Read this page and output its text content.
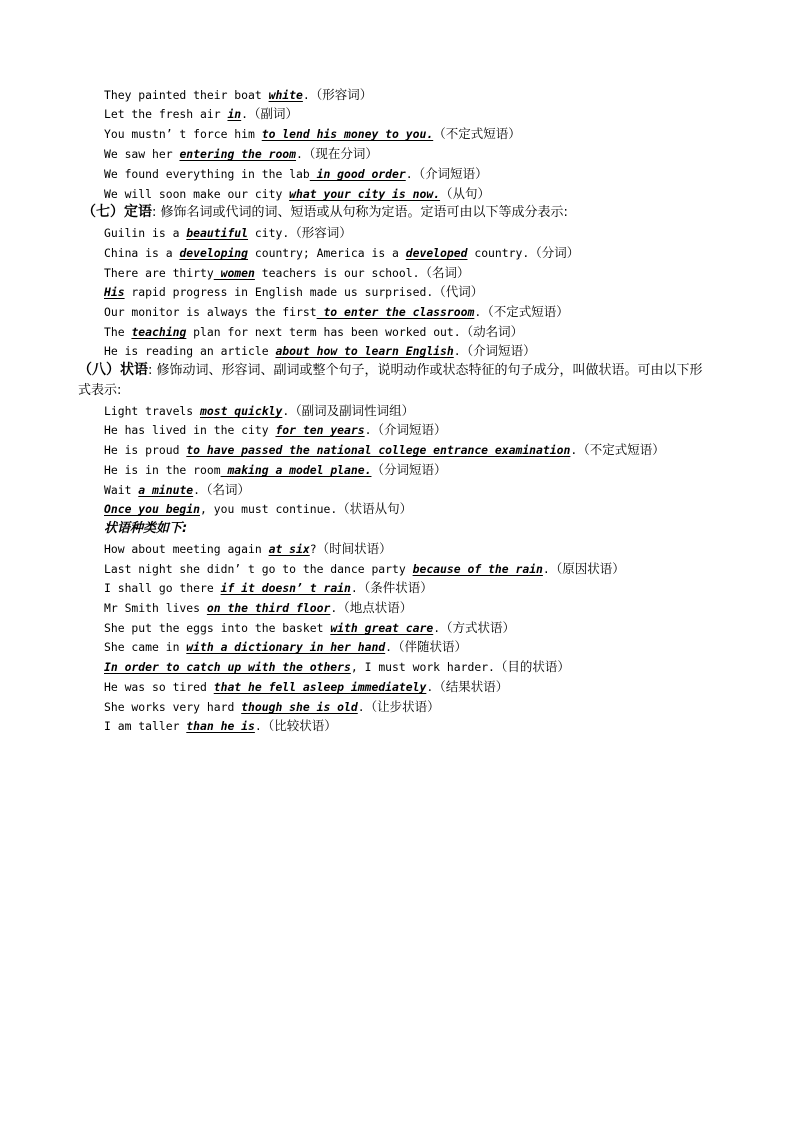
They painted their boat white.（形容词）
Let the fresh air in.（副词）
You mustn’ t force him to lend his money to you.（不定式短语）
We saw her entering the room.（现在分词）
We found everything in the lab in good order.（介词短语）
We will soon make our city what your city is now.（从句）
（七）定语: 修饰名词或代词的词、短语或从句称为定语。定语可由以下等成分表示:
Guilin is a beautiful city.（形容词）
China is a developing country; America is a developed country.（分词）
There are thirty women teachers is our school.（名词）
His rapid progress in English made us surprised.（代词）
Our monitor is always the first to enter the classroom.（不定式短语）
The teaching plan for next term has been worked out.（动名词）
He is reading an article about how to learn English.（介词短语）
（八）状语: 修饰动词、形容词、副词或整个句子，说明动作或状态特征的句子成分，叫做状语。可由以下形
式表示:
Light travels most quickly.（副词及副词性词组）
He has lived in the city for ten years.（介词短语）
He is proud to have passed the national college entrance examination.（不定式短语）
He is in the room making a model plane.（分词短语）
Wait a minute.（名词）
Once you begin, you must continue.（状语从句）
状语种类如下:
How about meeting again at six?（时间状语）
Last night she didn’ t go to the dance party because of the rain.（原因状语）
I shall go there if it doesn’ t rain.（条件状语）
Mr Smith lives on the third floor.（地点状语）
She put the eggs into the basket with great care.（方式状语）
She came in with a dictionary in her hand.（伴随状语）
In order to catch up with the others, I must work harder.（目的状语）
He was so tired that he fell asleep immediately.（结果状语）
She works very hard though she is old.（让步状语）
I am taller than he is.（比较状语）
